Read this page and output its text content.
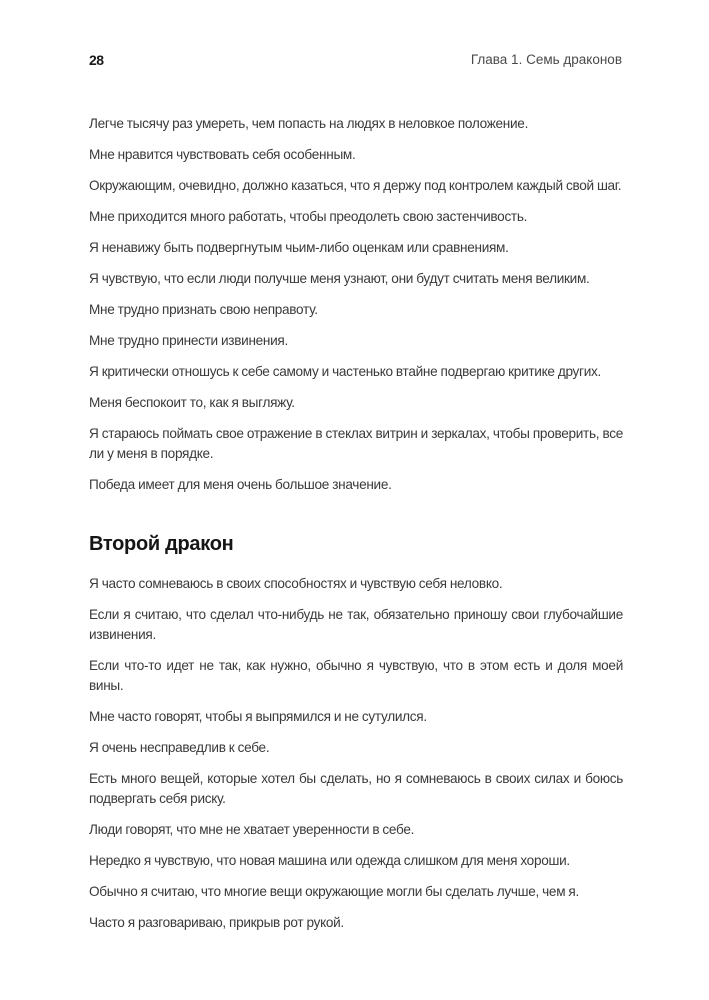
28	Глава 1. Семь драконов

Легче тысячу раз умереть, чем попасть на людях в неловкое положение.

Мне нравится чувствовать себя особенным.

Окружающим, очевидно, должно казаться, что я держу под контролем каждый свой шаг.

Мне приходится много работать, чтобы преодолеть свою застенчивость.

Я ненавижу быть подвергнутым чьим-либо оценкам или сравнениям.

Я чувствую, что если люди получше меня узнают, они будут считать меня великим.

Мне трудно признать свою неправоту.

Мне трудно принести извинения.

Я критически отношусь к себе самому и частенько втайне подвергаю критике других.

Меня беспокоит то, как я выгляжу.

Я стараюсь поймать свое отражение в стеклах витрин и зеркалах, чтобы проверить, все ли у меня в порядке.

Победа имеет для меня очень большое значение.

Второй дракон

Я часто сомневаюсь в своих способностях и чувствую себя неловко.

Если я считаю, что сделал что-нибудь не так, обязательно приношу свои глубочайшие извинения.

Если что-то идет не так, как нужно, обычно я чувствую, что в этом есть и доля моей вины.

Мне часто говорят, чтобы я выпрямился и не сутулился.

Я очень несправедлив к себе.

Есть много вещей, которые хотел бы сделать, но я сомневаюсь в своих силах и боюсь подвергать себя риску.

Люди говорят, что мне не хватает уверенности в себе.

Нередко я чувствую, что новая машина или одежда слишком для меня хороши.

Обычно я считаю, что многие вещи окружающие могли бы сделать лучше, чем я.

Часто я разговариваю, прикрыв рот рукой.
